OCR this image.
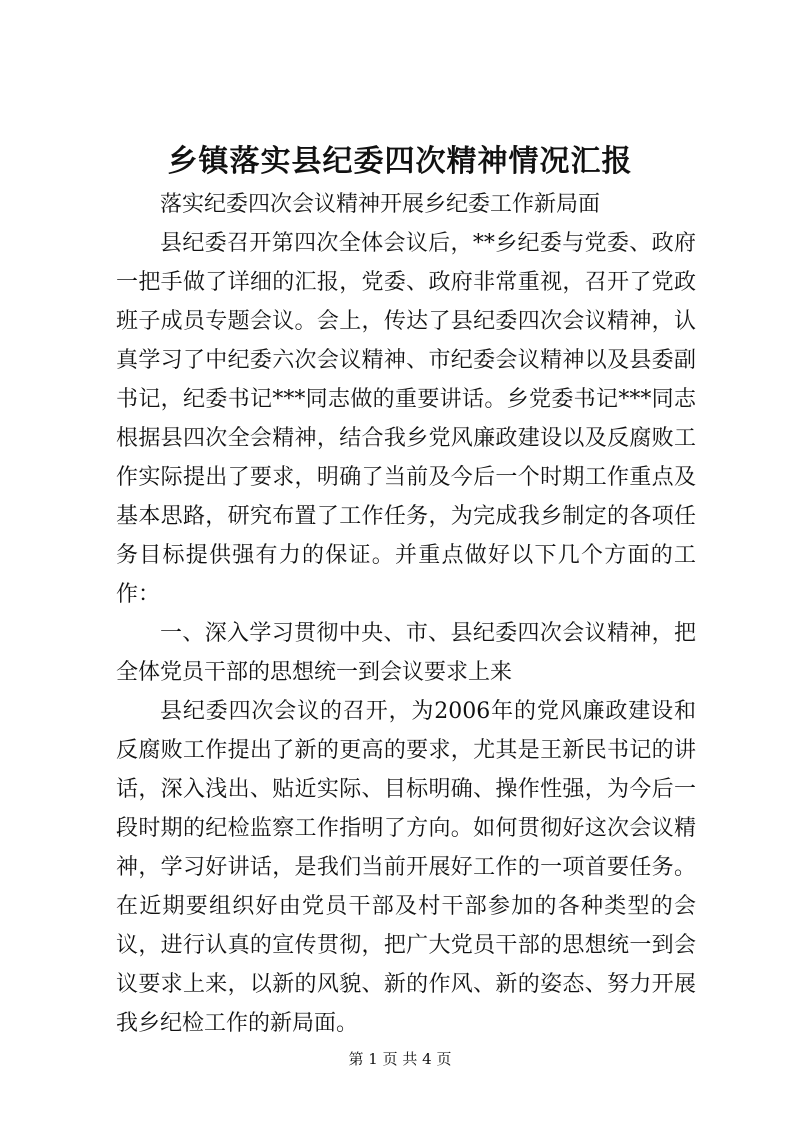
乡镇落实县纪委四次精神情况汇报

落实纪委四次会议精神开展乡纪委工作新局面

县纪委召开第四次全体会议后，**乡纪委与党委、政府一把手做了详细的汇报，党委、政府非常重视，召开了党政班子成员专题会议。会上，传达了县纪委四次会议精神，认真学习了中纪委六次会议精神、市纪委会议精神以及县委副书记，纪委书记***同志做的重要讲话。乡党委书记***同志根据县四次全会精神，结合我乡党风廉政建设以及反腐败工作实际提出了要求，明确了当前及今后一个时期工作重点及基本思路，研究布置了工作任务，为完成我乡制定的各项任务目标提供强有力的保证。并重点做好以下几个方面的工作：

一、深入学习贯彻中央、市、县纪委四次会议精神，把全体党员干部的思想统一到会议要求上来

县纪委四次会议的召开，为2006年的党风廉政建设和反腐败工作提出了新的更高的要求，尤其是王新民书记的讲话，深入浅出、贴近实际、目标明确、操作性强，为今后一段时期的纪检监察工作指明了方向。如何贯彻好这次会议精神，学习好讲话，是我们当前开展好工作的一项首要任务。在近期要组织好由党员干部及村干部参加的各种类型的会议，进行认真的宣传贯彻，把广大党员干部的思想统一到会议要求上来，以新的风貌、新的作风、新的姿态、努力开展我乡纪检工作的新局面。

第 1 页 共 4 页
